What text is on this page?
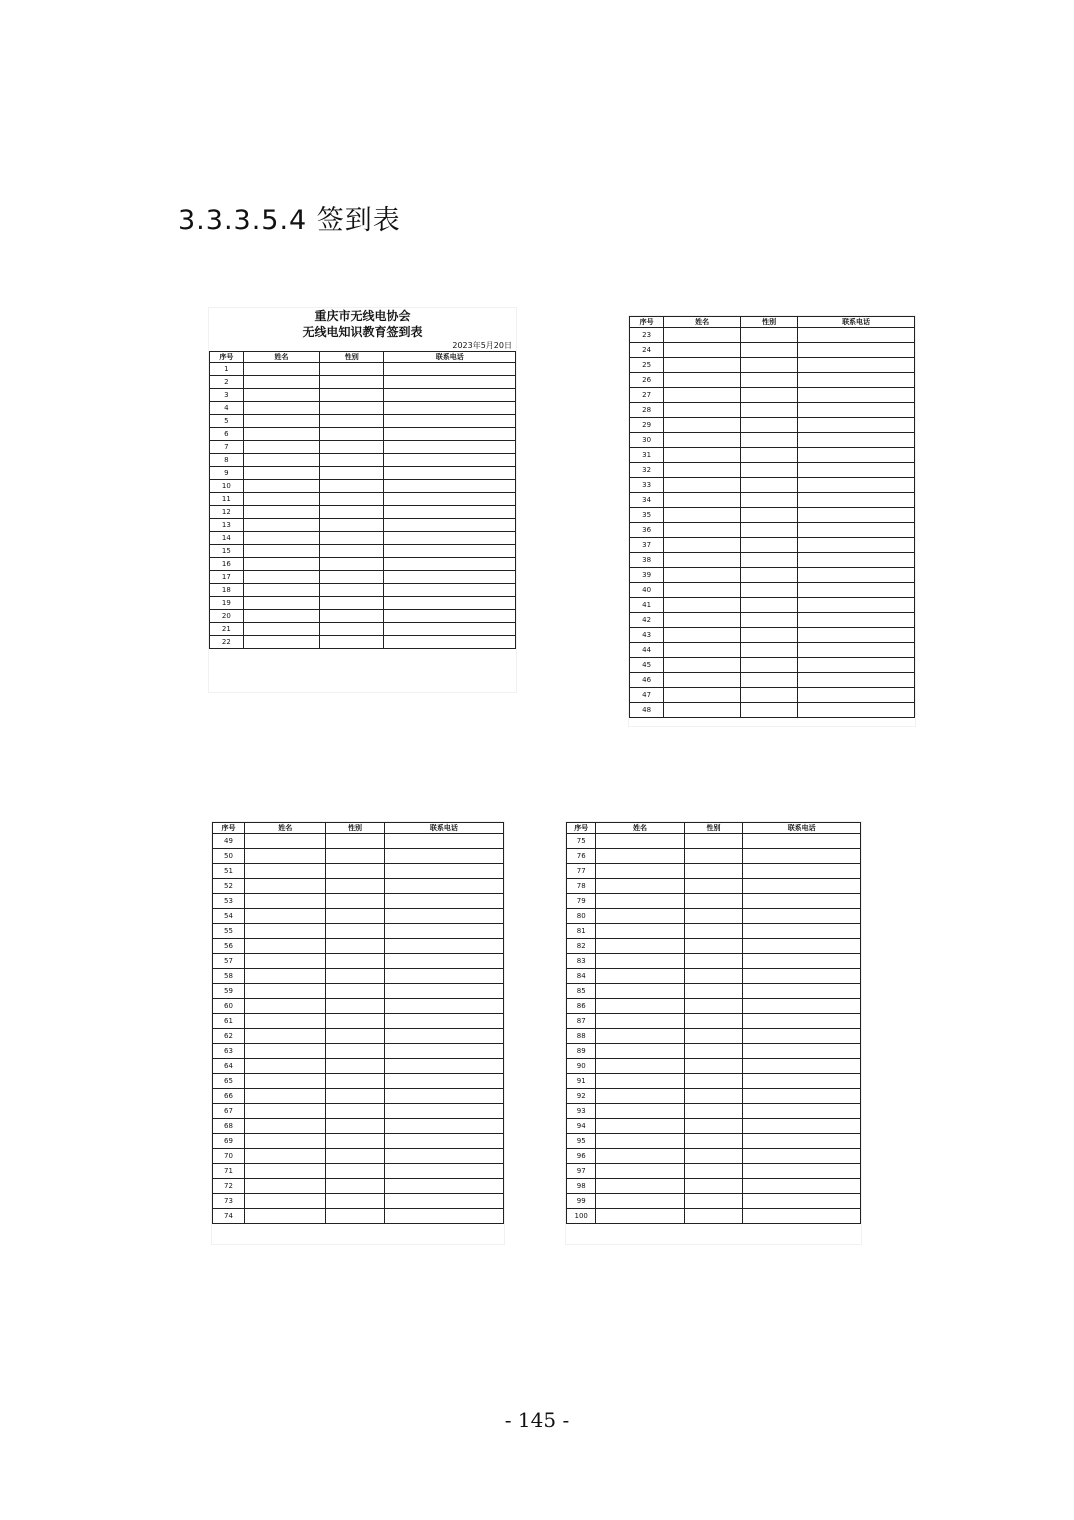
3.3.3.5.4 签到表
重庆市无线电协会
无线电知识教育签到表
2023年5月20日
序号	姓名	性别	联系电话
1			
2			
3			
4			
5			
6			
7			
8			
9			
10			
11			
12			
13			
14			
15			
16			
17			
18			
19			
20			
21			
22			
序号	姓名	性别	联系电话
23			
24			
25			
26			
27			
28			
29			
30			
31			
32			
33			
34			
35			
36			
37			
38			
39			
40			
41			
42			
43			
44			
45			
46			
47			
48			
序号	姓名	性别	联系电话
49			
50			
51			
52			
53			
54			
55			
56			
57			
58			
59			
60			
61			
62			
63			
64			
65			
66			
67			
68			
69			
70			
71			
72			
73			
74			
序号	姓名	性别	联系电话
75			
76			
77			
78			
79			
80			
81			
82			
83			
84			
85			
86			
87			
88			
89			
90			
91			
92			
93			
94			
95			
96			
97			
98			
99			
100			
- 145 -
